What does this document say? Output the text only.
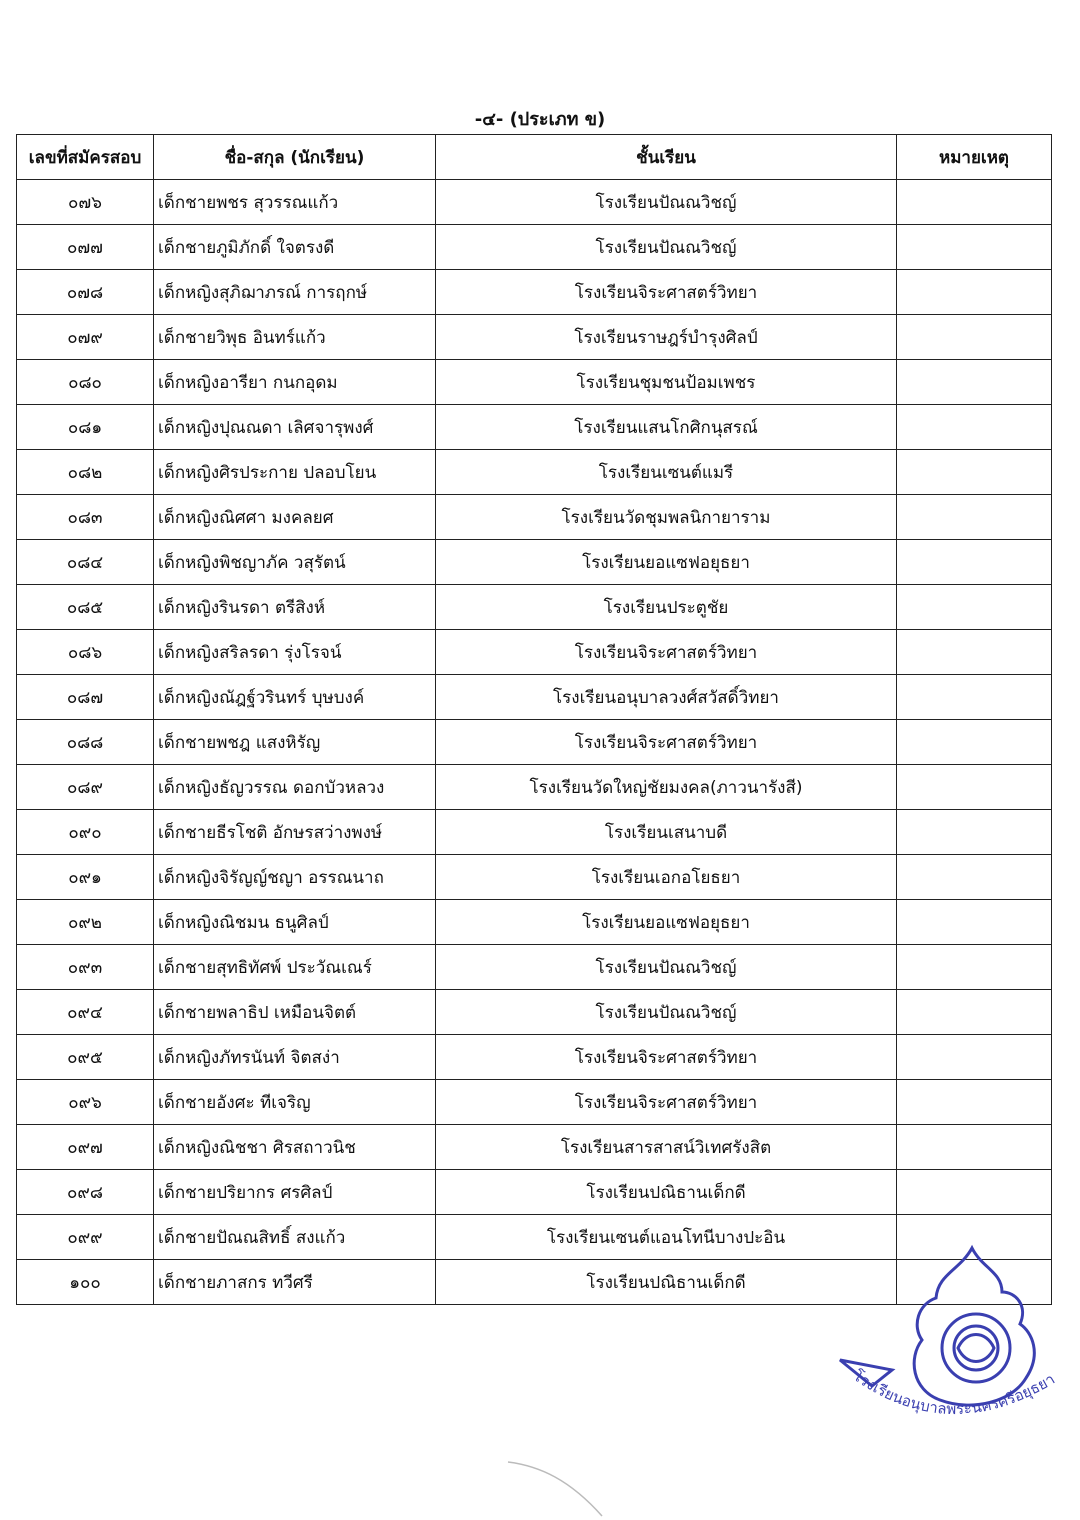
-๔- (ประเภท ข)
เลขที่สมัครสอบ	ชื่อ-สกุล (นักเรียน)	ชั้นเรียน	หมายเหตุ
๐๗๖	เด็กชายพชร สุวรรณแก้ว	โรงเรียนปัณณวิชญ์	
๐๗๗	เด็กชายภูมิภักดิ์ ใจตรงดี	โรงเรียนปัณณวิชญ์	
๐๗๘	เด็กหญิงสุภิฌาภรณ์ การฤกษ์	โรงเรียนจิระศาสตร์วิทยา	
๐๗๙	เด็กชายวิพุธ อินทร์แก้ว	โรงเรียนราษฎร์บำรุงศิลป์	
๐๘๐	เด็กหญิงอารียา กนกอุดม	โรงเรียนชุมชนป้อมเพชร	
๐๘๑	เด็กหญิงปุณณดา เลิศจารุพงศ์	โรงเรียนแสนโกศิกนุสรณ์	
๐๘๒	เด็กหญิงศิรประกาย ปลอบโยน	โรงเรียนเซนต์แมรี	
๐๘๓	เด็กหญิงณิศศา มงคลยศ	โรงเรียนวัดชุมพลนิกายาราม	
๐๘๔	เด็กหญิงพิชญาภัค วสุรัตน์	โรงเรียนยอแซฟอยุธยา	
๐๘๕	เด็กหญิงรินรดา ตรีสิงห์	โรงเรียนประตูชัย	
๐๘๖	เด็กหญิงสริลรดา รุ่งโรจน์	โรงเรียนจิระศาสตร์วิทยา	
๐๘๗	เด็กหญิงณัฎฐ์วรินทร์ บุษบงค์	โรงเรียนอนุบาลวงศ์สวัสดิ์วิทยา	
๐๘๘	เด็กชายพชฎ แสงหิรัญ	โรงเรียนจิระศาสตร์วิทยา	
๐๘๙	เด็กหญิงธัญวรรณ ดอกบัวหลวง	โรงเรียนวัดใหญ่ชัยมงคล(ภาวนารังสี)	
๐๙๐	เด็กชายธีรโชติ อักษรสว่างพงษ์	โรงเรียนเสนาบดี	
๐๙๑	เด็กหญิงจิรัญญ์ชญา อรรณนาถ	โรงเรียนเอกอโยธยา	
๐๙๒	เด็กหญิงณิชมน ธนูศิลป์	โรงเรียนยอแซฟอยุธยา	
๐๙๓	เด็กชายสุทธิทัศพ์ ประวัณเณร์	โรงเรียนปัณณวิชญ์	
๐๙๔	เด็กชายพลาธิป เหมือนจิตต์	โรงเรียนปัณณวิชญ์	
๐๙๕	เด็กหญิงภัทรนันท์ จิตสง่า	โรงเรียนจิระศาสตร์วิทยา	
๐๙๖	เด็กชายอังศะ ทีเจริญ	โรงเรียนจิระศาสตร์วิทยา	
๐๙๗	เด็กหญิงณิชชา ศิรสถาวนิช	โรงเรียนสารสาสน์วิเทศรังสิต	
๐๙๘	เด็กชายปริยากร ศรศิลป์	โรงเรียนปณิธานเด็กดี	
๐๙๙	เด็กชายปัณณสิทธิ์ สงแก้ว	โรงเรียนเซนต์แอนโทนีบางปะอิน	
๑๐๐	เด็กชายภาสกร ทวีศรี	โรงเรียนปณิธานเด็กดี	
โรงเรียนอนุบาลพระนครศรีอยุธยา
